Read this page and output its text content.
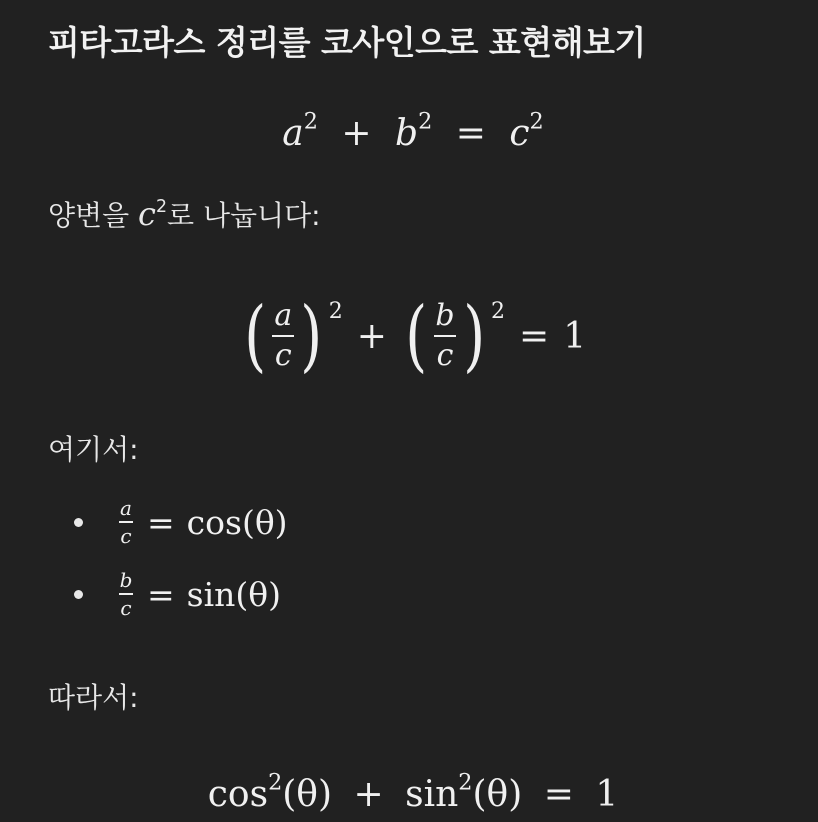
피타고라스 정리를 코사인으로 표현해보기
$a^2 + b^2 = c^2$

양변을 $c^2$로 나눕니다:

( $\frac{a}{c}$ ) 2
+ ( $\frac{b}{c}$ ) 2
= 1

여기서:

a
c = cos(θ)
b
c = sin(θ)

따라서:

$\cos^2(\theta) + \sin^2(\theta) = 1$
